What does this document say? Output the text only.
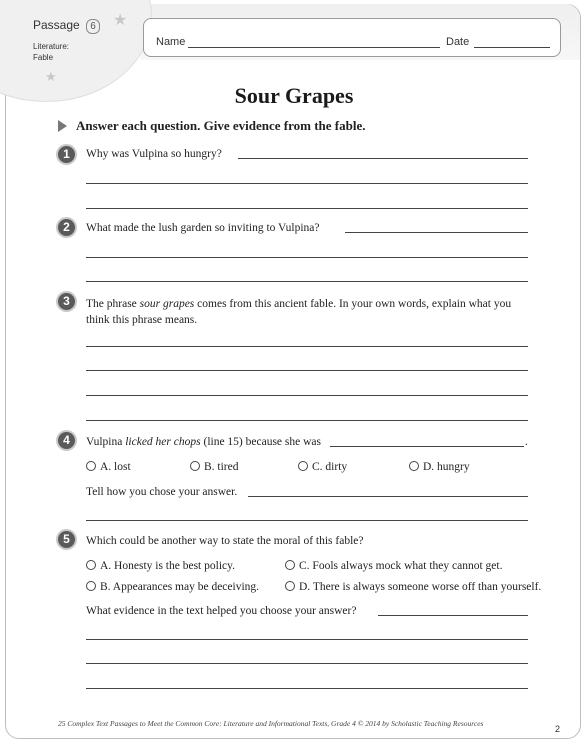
Passage 6
Literature:
Fable
★
★
Name	Date
Sour Grapes
Answer each question. Give evidence from the fable.
1	Why was Vulpina so hungry?
2	What made the lush garden so inviting to Vulpina?
3	The phrase sour grapes comes from this ancient fable. In your own words, explain what you think this phrase means.
4	Vulpina licked her chops (line 15) because she was	.
A. lost	B. tired	C. dirty	D. hungry
Tell how you chose your answer.
5	Which could be another way to state the moral of this fable?
A. Honesty is the best policy.	C. Fools always mock what they cannot get.
B. Appearances may be deceiving.	D. There is always someone worse off than yourself.
What evidence in the text helped you choose your answer?
25 Complex Text Passages to Meet the Common Core: Literature and Informational Texts, Grade 4 © 2014 by Scholastic Teaching Resources
2
